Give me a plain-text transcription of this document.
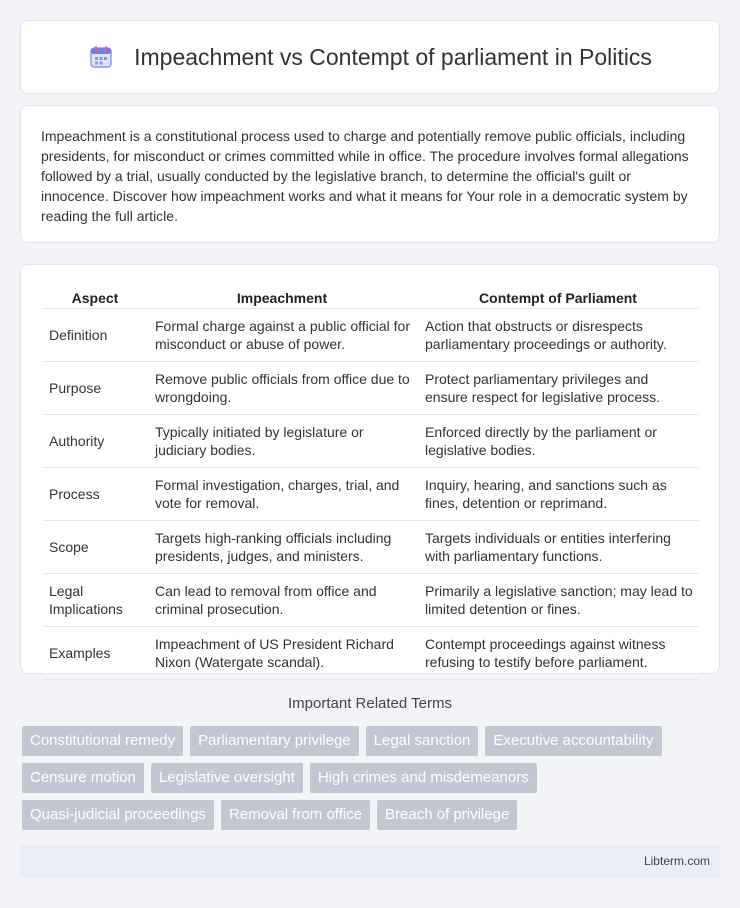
Impeachment vs Contempt of parliament in Politics

Impeachment is a constitutional process used to charge and potentially remove public officials, including presidents, for misconduct or crimes committed while in office. The procedure involves formal allegations followed by a trial, usually conducted by the legislative branch, to determine the official's guilt or innocence. Discover how impeachment works and what it means for Your role in a democratic system by reading the full article.

Aspect	Impeachment	Contempt of Parliament
Definition	Formal charge against a public official for misconduct or abuse of power.	Action that obstructs or disrespects parliamentary proceedings or authority.
Purpose	Remove public officials from office due to wrongdoing.	Protect parliamentary privileges and ensure respect for legislative process.
Authority	Typically initiated by legislature or judiciary bodies.	Enforced directly by the parliament or legislative bodies.
Process	Formal investigation, charges, trial, and vote for removal.	Inquiry, hearing, and sanctions such as fines, detention or reprimand.
Scope	Targets high-ranking officials including presidents, judges, and ministers.	Targets individuals or entities interfering with parliamentary functions.
Legal Implications	Can lead to removal from office and criminal prosecution.	Primarily a legislative sanction; may lead to limited detention or fines.
Examples	Impeachment of US President Richard Nixon (Watergate scandal).	Contempt proceedings against witness refusing to testify before parliament.
Important Related Terms
Constitutional remedy	Parliamentary privilege	Legal sanction	Executive accountability
Censure motion	Legislative oversight	High crimes and misdemeanors
Quasi-judicial proceedings	Removal from office	Breach of privilege
Libterm.com
